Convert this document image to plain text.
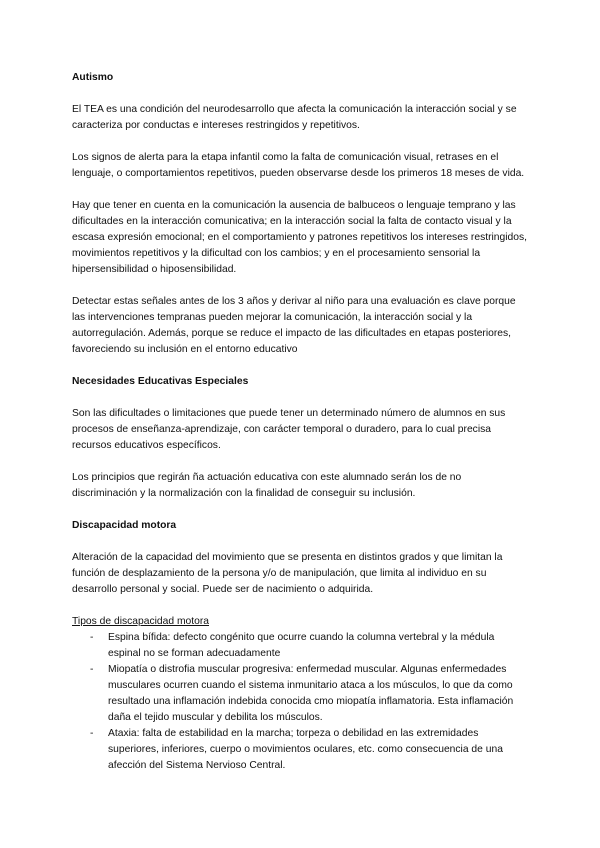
Autismo

El TEA es una condición del neurodesarrollo que afecta la comunicación la interacción social y se caracteriza por conductas e intereses restringidos y repetitivos.

Los signos de alerta para la etapa infantil como la falta de comunicación visual, retrases en el lenguaje, o comportamientos repetitivos, pueden observarse desde los primeros 18 meses de vida.

Hay que tener en cuenta en la comunicación la ausencia de balbuceos o lenguaje temprano y las dificultades en la interacción comunicativa; en la interacción social la falta de contacto visual y la escasa expresión emocional; en el comportamiento y patrones repetitivos los intereses restringidos, movimientos repetitivos y la dificultad con los cambios; y en el procesamiento sensorial la hipersensibilidad o hiposensibilidad.

Detectar estas señales antes de los 3 años y derivar al niño para una evaluación es clave porque las intervenciones tempranas pueden mejorar la comunicación, la interacción social y la autorregulación. Además, porque se reduce el impacto de las dificultades en etapas posteriores, favoreciendo su inclusión en el entorno educativo

Necesidades Educativas Especiales

Son las dificultades o limitaciones que puede tener un determinado número de alumnos en sus procesos de enseñanza-aprendizaje, con carácter temporal o duradero, para lo cual precisa recursos educativos específicos.

Los principios que regirán ña actuación educativa con este alumnado serán los de no discriminación y la normalización con la finalidad de conseguir su inclusión.

Discapacidad motora

Alteración de la capacidad del movimiento que se presenta en distintos grados y que limitan la función de desplazamiento de la persona y/o de manipulación, que limita al individuo en su desarrollo personal y social. Puede ser de nacimiento o adquirida.

Tipos de discapacidad motora

- Espina bífida: defecto congénito que ocurre cuando la columna vertebral y la médula espinal no se forman adecuadamente
- Miopatía o distrofia muscular progresiva: enfermedad muscular. Algunas enfermedades musculares ocurren cuando el sistema inmunitario ataca a los músculos, lo que da como resultado una inflamación indebida conocida cmo miopatía inflamatoria. Esta inflamación daña el tejido muscular y debilita los músculos.
- Ataxia: falta de estabilidad en la marcha; torpeza o debilidad en las extremidades superiores, inferiores, cuerpo o movimientos oculares, etc. como consecuencia de una afección del Sistema Nervioso Central.
